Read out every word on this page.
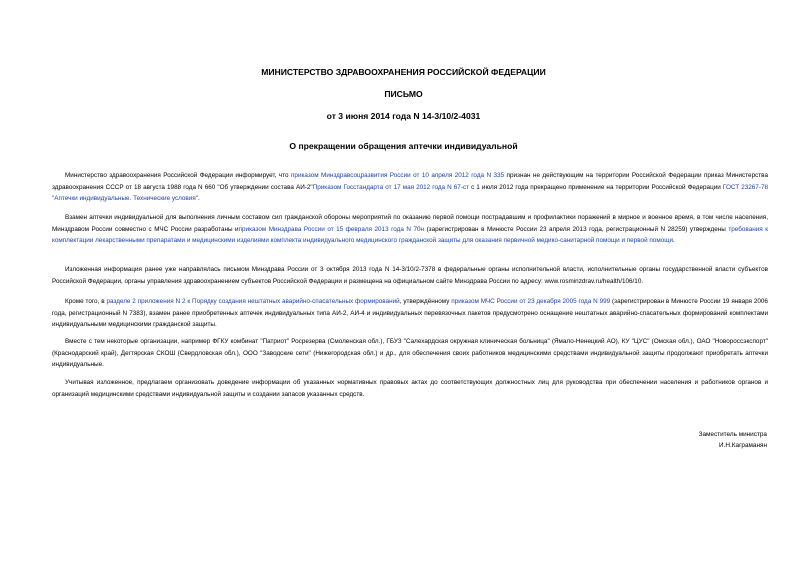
МИНИСТЕРСТВО ЗДРАВООХРАНЕНИЯ РОССИЙСКОЙ ФЕДЕРАЦИИ
ПИСЬМО
от 3 июня 2014 года N 14-3/10/2-4031
О прекращении обращения аптечки индивидуальной

Министерство здравоохранения Российской Федерации информирует, что приказом Минздравсоцразвития России от 10 апреля 2012 года N 335 признан не действующим на территории Российской Федерации приказ Министерства здравоохранения СССР от 18 августа 1988 года N 660 "Об утверждении состава АИ-2"Приказом Госстандарта от 17 мая 2012 года N 67-ст с 1 июля 2012 года прекращено применение на территории Российской Федерации ГОСТ 23267-78 "Аптечки индивидуальные. Технические условия".

Взамен аптечки индивидуальной для выполнения личным составом сил гражданской обороны мероприятий по оказанию первой помощи пострадавшим и профилактики поражений в мирное и военное время, в том числе населения, Минздравом России совместно с МЧС России разработаны иприказом Минздрава России от 15 февраля 2013 года N 70н (зарегистрирован в Минюсте России 23 апреля 2013 года, регистрационный N 28259) утверждены требования к комплектации лекарственными препаратами и медицинскими изделиями комплекта индивидуального медицинского гражданской защиты для оказания первичной медико-санитарной помощи и первой помощи.

Изложенная информация ранее уже направлялась письмом Минздрава России от 3 октября 2013 года N 14-3/10/2-7378 в федеральные органы исполнительной власти, исполнительные органы государственной власти субъектов Российской Федерации, органы управления здравоохранением субъектов Российской Федерации и размещена на официальном сайте Минздрава России по адресу: www.rosminzdrav.ru/health/106/10.

Кроме того, в разделе 2 приложения N 2 к Порядку создания нештатных аварийно-спасательных формирований, утверждённому приказом МЧС России от 23 декабря 2005 года N 999 (зарегистрирован в Минюсте России 19 января 2006 года, регистрационный N 7383), взамен ранее приобретенных аптечек индивидуальных типа АИ-2, АИ-4 и индивидуальных перевязочных пакетов предусмотрено оснащение нештатных аварийно-спасательных формирований комплектами индивидуальными медицинскими гражданской защиты.

Вместе с тем некоторые организации, например ФГКУ комбинат "Патриот" Росрезерва (Смоленская обл.), ГБУЗ "Салехардская окружная клиническая больница" (Ямало-Ненецкий АО), КУ "ЦУС" (Омская обл.), ОАО "Новороссэкспорт" (Краснодарский край), Дегтярская СКОШ (Свердловская обл.), ООО "Заводские сети" (Нижегородская обл.) и др., для обеспечения своих работников медицинскими средствами индивидуальной защиты продолжают приобретать аптечки индивидуальные.

Учитывая изложенное, предлагаем организовать доведение информации об указанных нормативных правовых актах до соответствующих должностных лиц для руководства при обеспечении населения и работников органов и организаций медицинскими средствами индивидуальной защиты и создании запасов указанных средств.

Заместитель министра
И.Н.Каграманян
